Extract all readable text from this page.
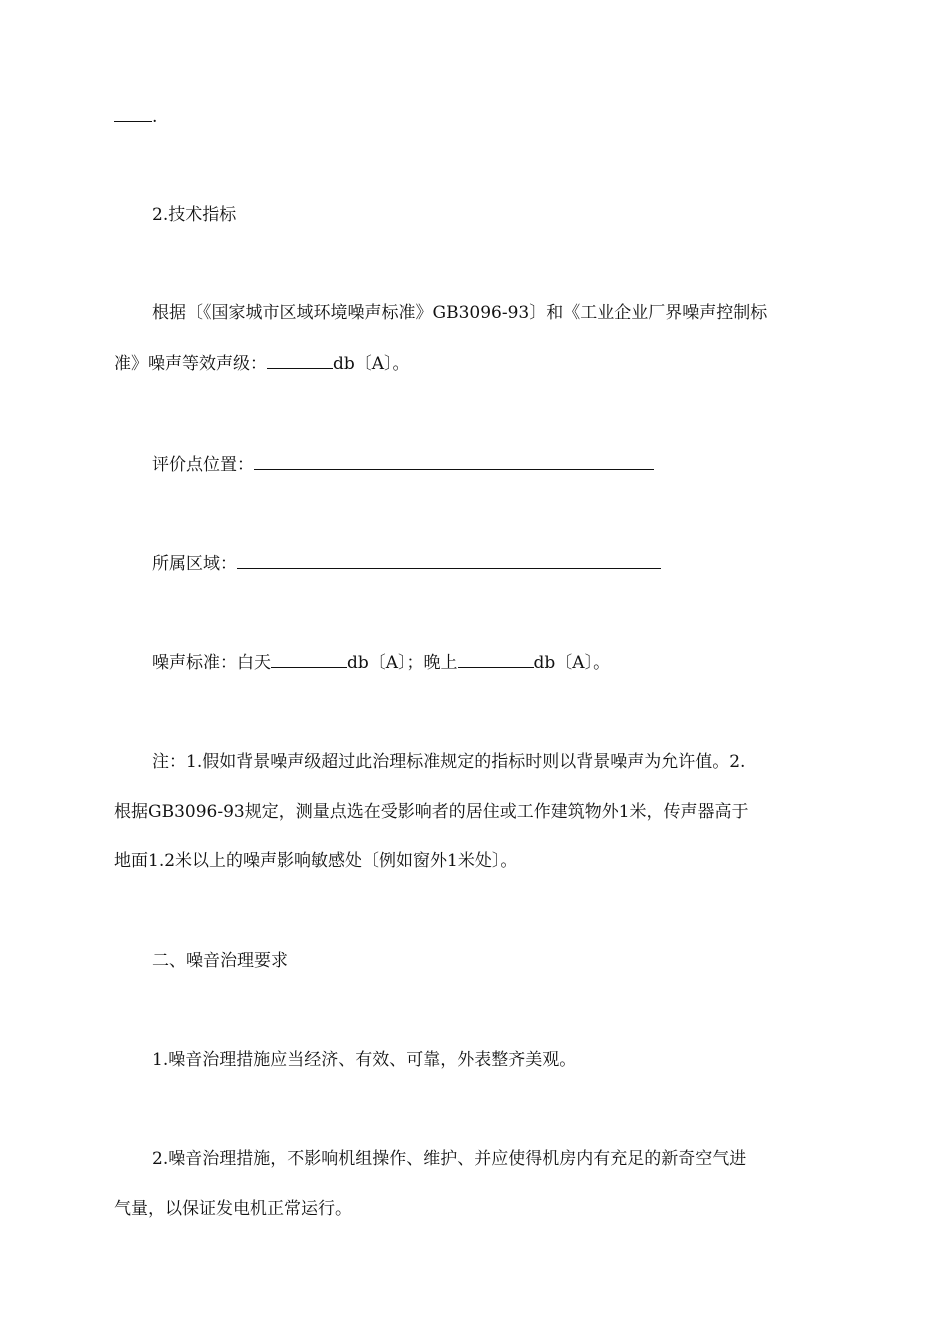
.
2.技术指标
根据〔《国家城市区域环境噪声标准》GB3096-93〕和《工业企业厂界噪声控制标
准》噪声等效声级：	db〔A〕。
评价点位置：
所属区域：
噪声标准：白天	db〔A〕；晚上	db〔A〕。
注：1.假如背景噪声级超过此治理标准规定的指标时则以背景噪声为允许值。2.
根据GB3096-93规定，测量点选在受影响者的居住或工作建筑物外1米，传声器高于
地面1.2米以上的噪声影响敏感处〔例如窗外1米处〕。
二、噪音治理要求
1.噪音治理措施应当经济、有效、可靠，外表整齐美观。
2.噪音治理措施，不影响机组操作、维护、并应使得机房内有充足的新奇空气进
气量，以保证发电机正常运行。
